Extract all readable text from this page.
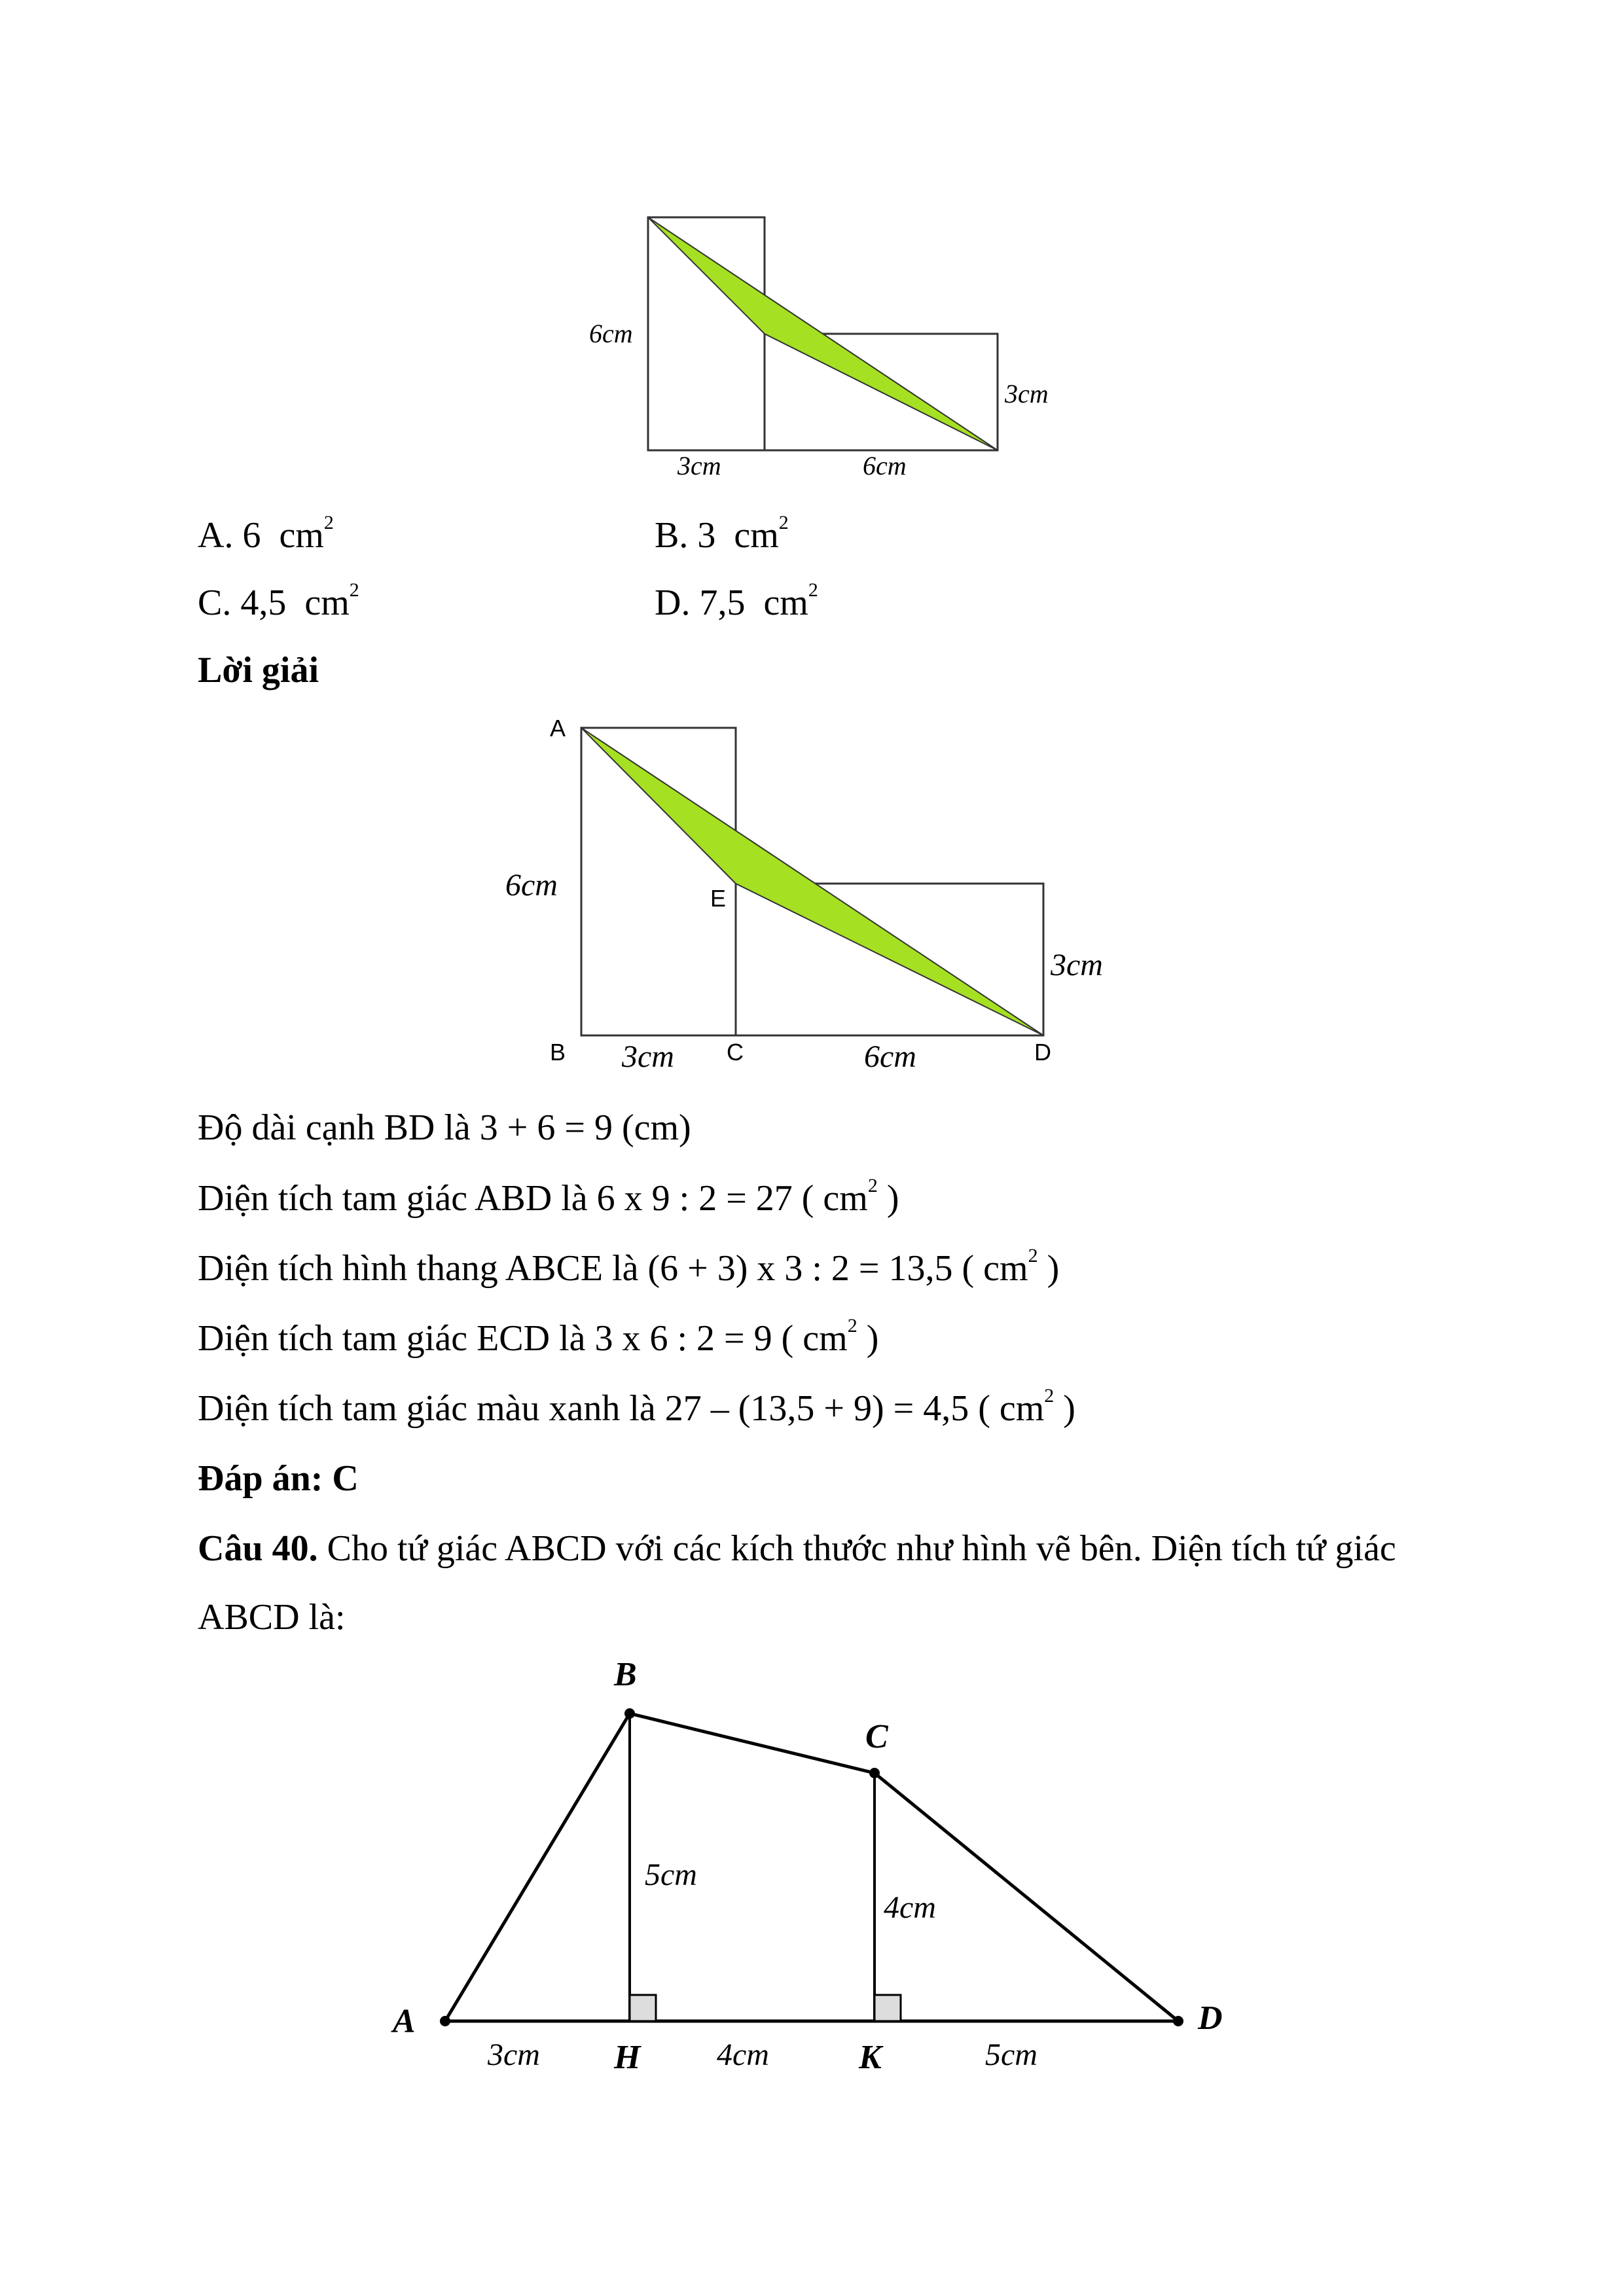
6cm
3cm
3cm	6cm
A. 6 $cm^2$	B. 3 $cm^2$
C. 4,5 $cm^2$	D. 7,5 $cm^2$
Lời giải
A
E
B	C	D
6cm
3cm
3cm	6cm
Độ dài cạnh BD là 3 + 6 = 9 (cm)
Diện tích tam giác ABD là 6 x 9 : 2 = 27 ( $cm^2$ )
Diện tích hình thang ABCE là (6 + 3) x 3 : 2 = 13,5 ( $cm^2$ )
Diện tích tam giác ECD là 3 x 6 : 2 = 9 ( $cm^2$ )
Diện tích tam giác màu xanh là 27 – (13,5 + 9) = 4,5 ( $cm^2$ )
Đáp án: C
Câu 40. Cho tứ giác ABCD với các kích thước như hình vẽ bên. Diện tích tứ giác
ABCD là:
B
C
A	D
H	K
5cm
4cm
3cm	4cm	5cm
